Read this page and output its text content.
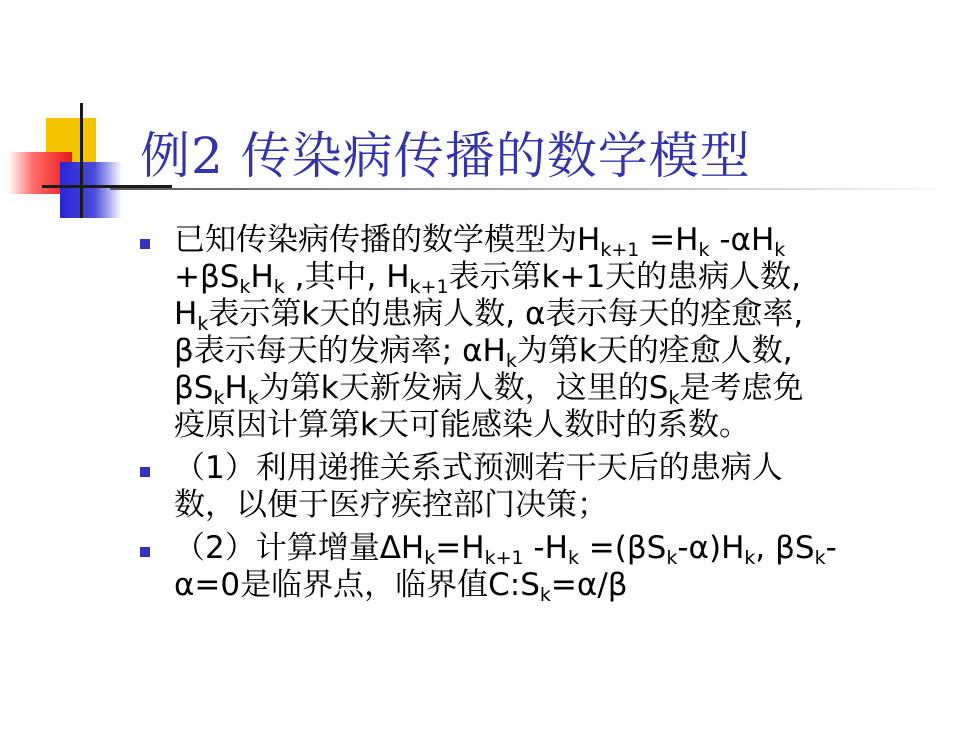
例2 传染病传播的数学模型
已知传染病传播的数学模型为$H_{k+1} =H_k$ $-\alpha H_k$
$+\beta S_kH_k$ ,其中, $H_{k+1}$表示第k+1天的患病人数,
$H_k$表示第k天的患病人数, α表示每天的痊愈率,
β表示每天的发病率; $\alpha H_k$为第k天的痊愈人数,
$\beta S_kH_k$为第k天新发病人数，这里的$S_k$是考虑免
疫原因计算第k天可能感染人数时的系数。
（1）利用递推关系式预测若干天后的患病人
数，以便于医疗疾控部门决策；
（2）计算增量$\Delta H_k=H_{k+1}$ $-H_k =(\beta S_k-\alpha)H_k$, $\beta S_k-$
α=0是临界点，临界值$C:S_k=\alpha/\beta$
